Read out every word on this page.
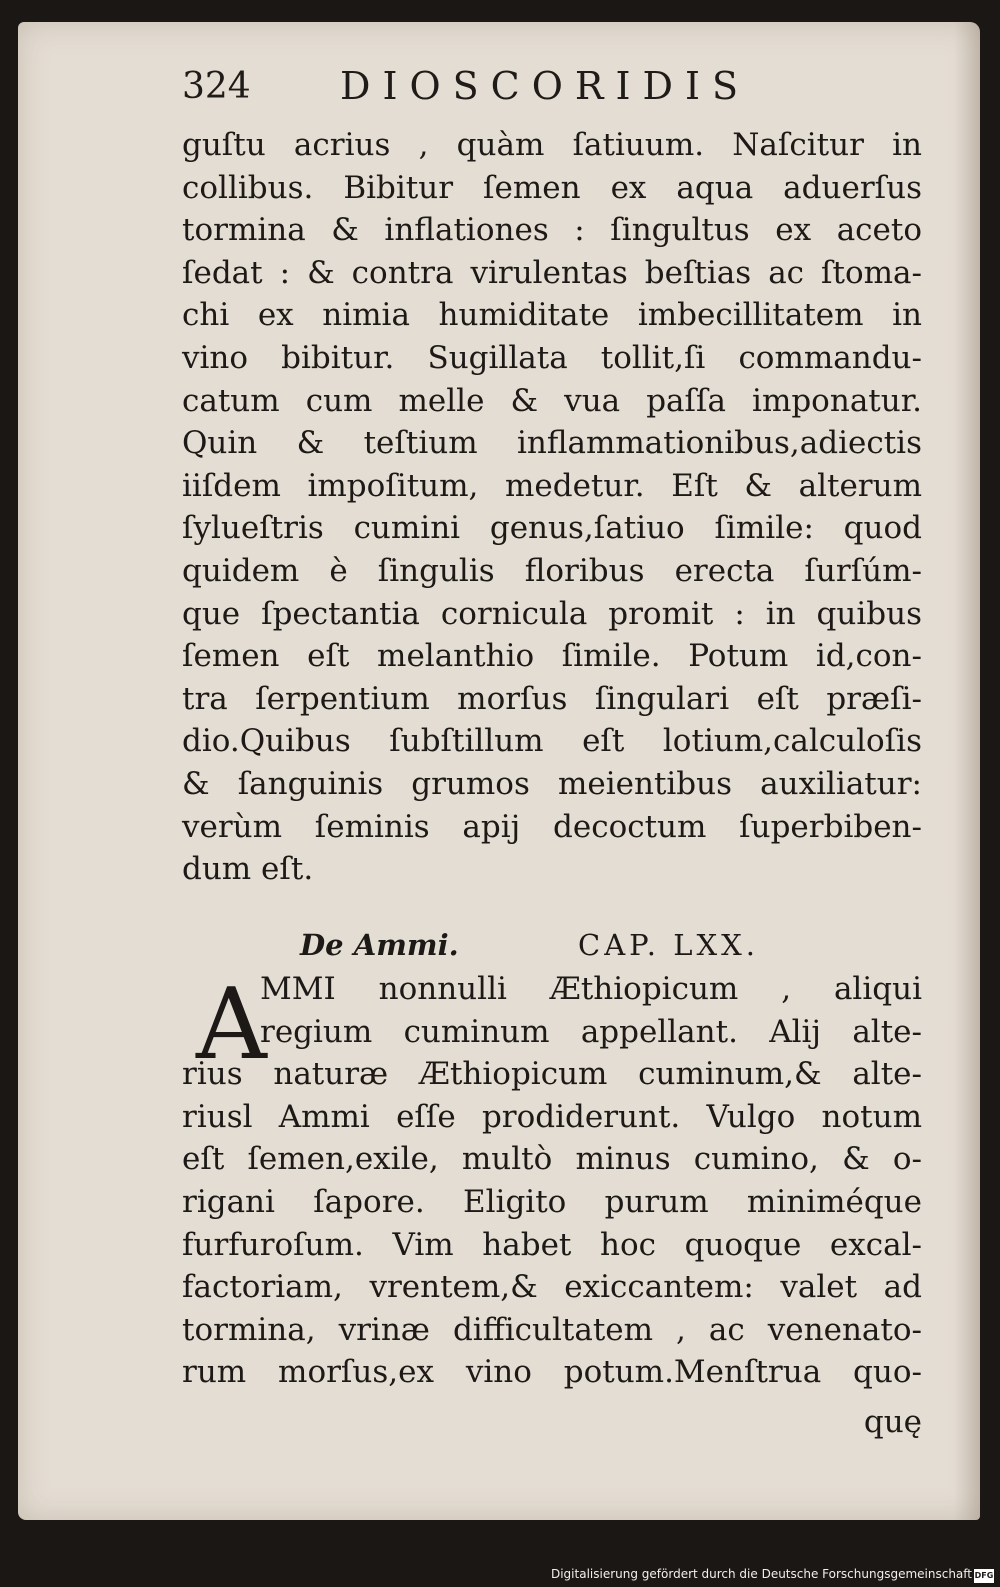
324 DIOSCORIDIS
guſtu acrius , quàm ſatiuum. Naſcitur in
collibus. Bibitur ſemen ex aqua aduerſus
tormina & inflationes : ſingultus ex aceto
ſedat : & contra virulentas beſtias ac ſtoma-
chi ex nimia humiditate imbecillitatem in
vino bibitur. Sugillata tollit,ſi commandu-
catum cum melle & vua paſſa imponatur.
Quin & teſtium inflammationibus,adiectis
iiſdem impoſitum, medetur. Eſt & alterum
ſylueſtris cumini genus,ſatiuo ſimile: quod
quidem è ſingulis floribus erecta ſurſúm-
que ſpectantia cornicula promit : in quibus
ſemen eſt melanthio ſimile. Potum id,con-
tra ſerpentium morſus ſingulari eſt præſi-
dio.Quibus ſubſtillum eſt lotium,calculoſis
& ſanguinis grumos meientibus auxiliatur:
verùm ſeminis apij decoctum ſuperbiben-
dum eſt.
De Ammi.	CAP. LXX.
A
MMI nonnulli Æthiopicum , aliqui
regium cuminum appellant. Alij alte-
rius naturæ Æthiopicum cuminum,& alte-
riusl Ammi eſſe prodiderunt. Vulgo notum
eſt ſemen,exile, multò minus cumino, & o-
rigani ſapore. Eligito purum miniméque
furfuroſum. Vim habet hoc quoque excal-
factoriam, vrentem,& exiccantem: valet ad
tormina, vrinæ difficultatem , ac venenato-
rum morſus,ex vino potum.Menſtrua quo-
quę
Digitalisierung gefördert durch die Deutsche Forschungsgemeinschaft DFG
